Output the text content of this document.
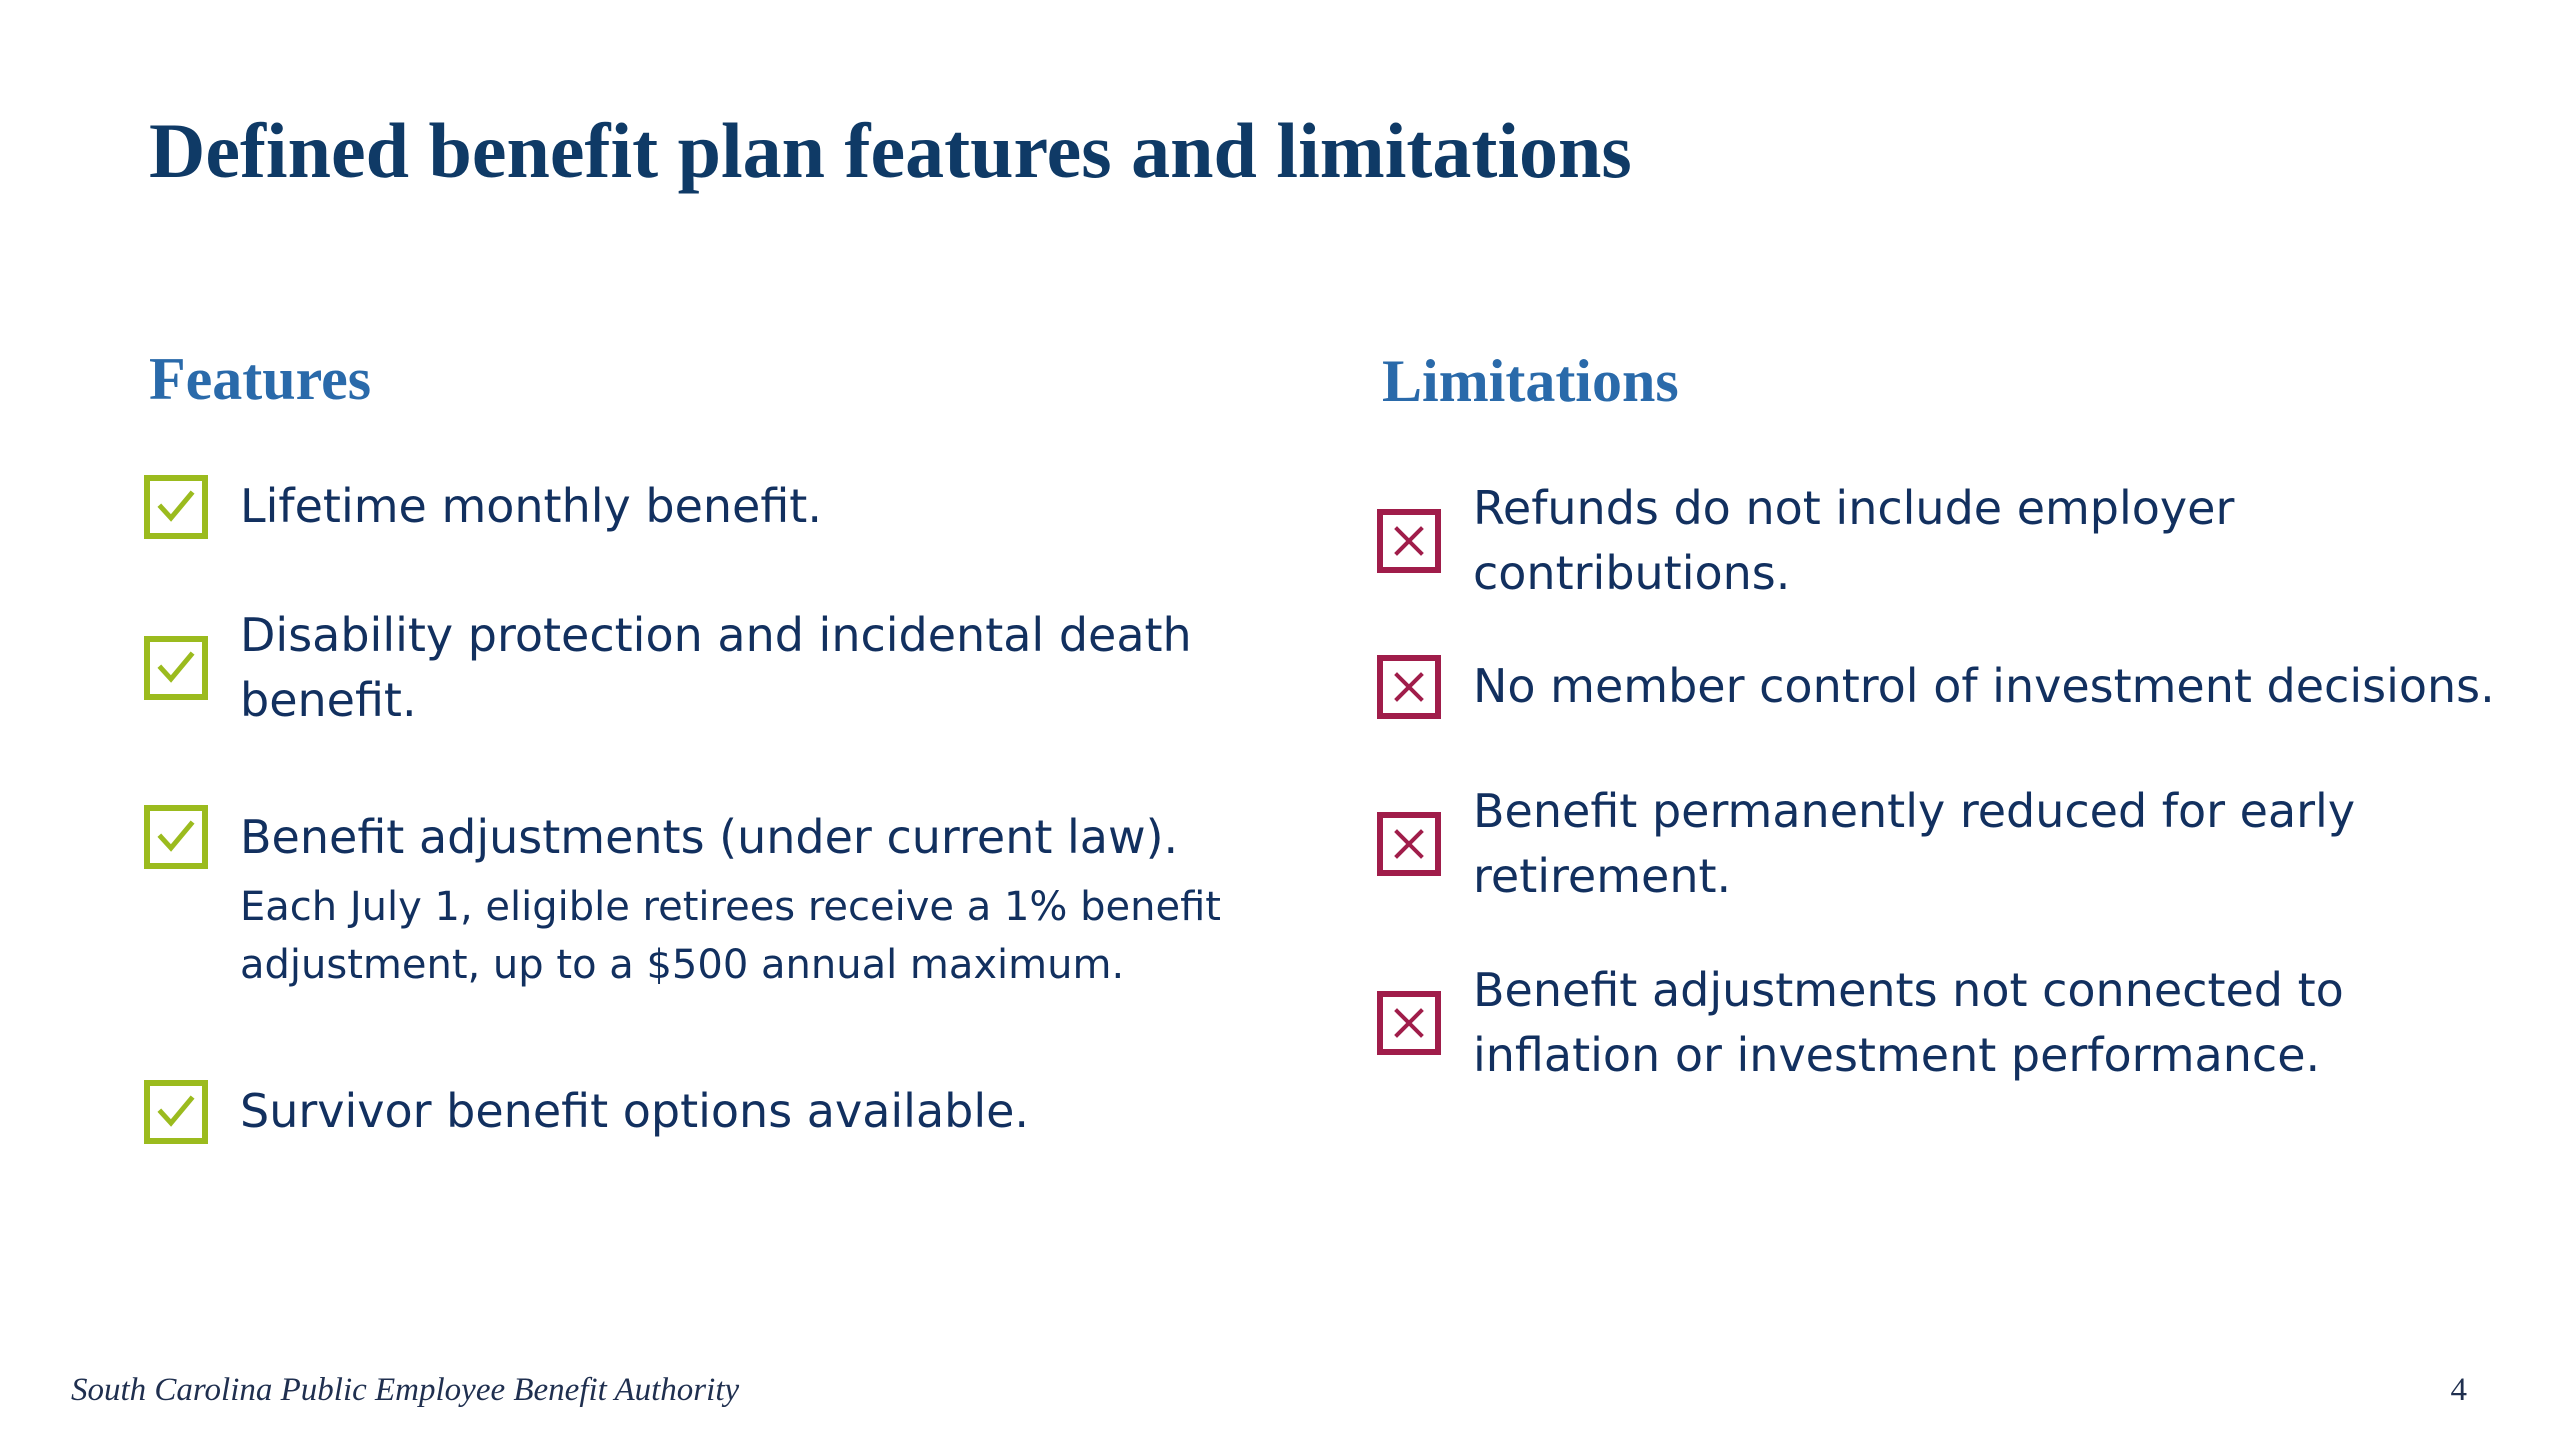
Defined benefit plan features and limitations
Features
Lifetime monthly benefit.
Disability protection and incidental death benefit.
Benefit adjustments (under current law).
Each July 1, eligible retirees receive a 1% benefit adjustment, up to a $500 annual maximum.
Survivor benefit options available.
Limitations
Refunds do not include employer contributions.
No member control of investment decisions.
Benefit permanently reduced for early retirement.
Benefit adjustments not connected to inflation or investment performance.
South Carolina Public Employee Benefit Authority	4
